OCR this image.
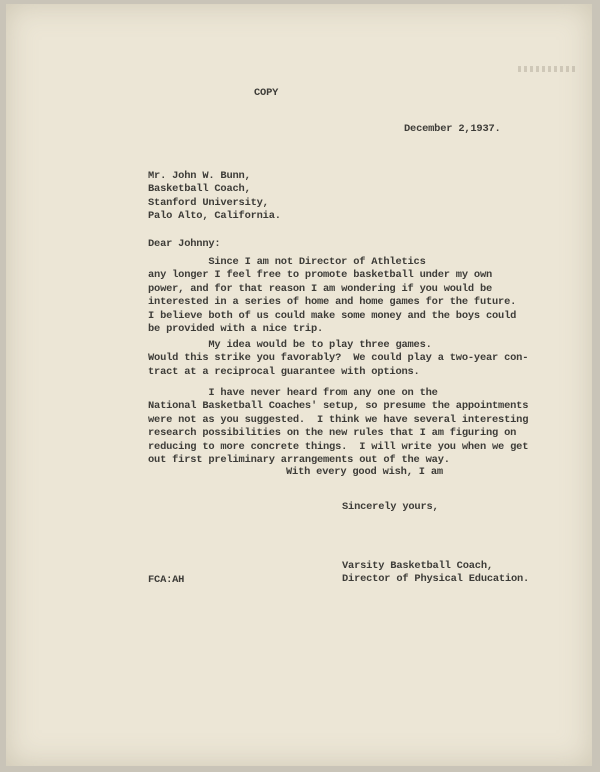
COPY
December 2,1937.
Mr. John W. Bunn,
Basketball Coach,
Stanford University,
Palo Alto, California.
Dear Johnny:
Since I am not Director of Athletics
any longer I feel free to promote basketball under my own
power, and for that reason I am wondering if you would be
interested in a series of home and home games for the future.
I believe both of us could make some money and the boys could
be provided with a nice trip.
My idea would be to play three games.
Would this strike you favorably?  We could play a two-year con-
tract at a reciprocal guarantee with options.
I have never heard from any one on the
National Basketball Coaches' setup, so presume the appointments
were not as you suggested.  I think we have several interesting
research possibilities on the new rules that I am figuring on
reducing to more concrete things.  I will write you when we get
out first preliminary arrangements out of the way.
With every good wish, I am
Sincerely yours,
Varsity Basketball Coach,
Director of Physical Education.
FCA:AH
